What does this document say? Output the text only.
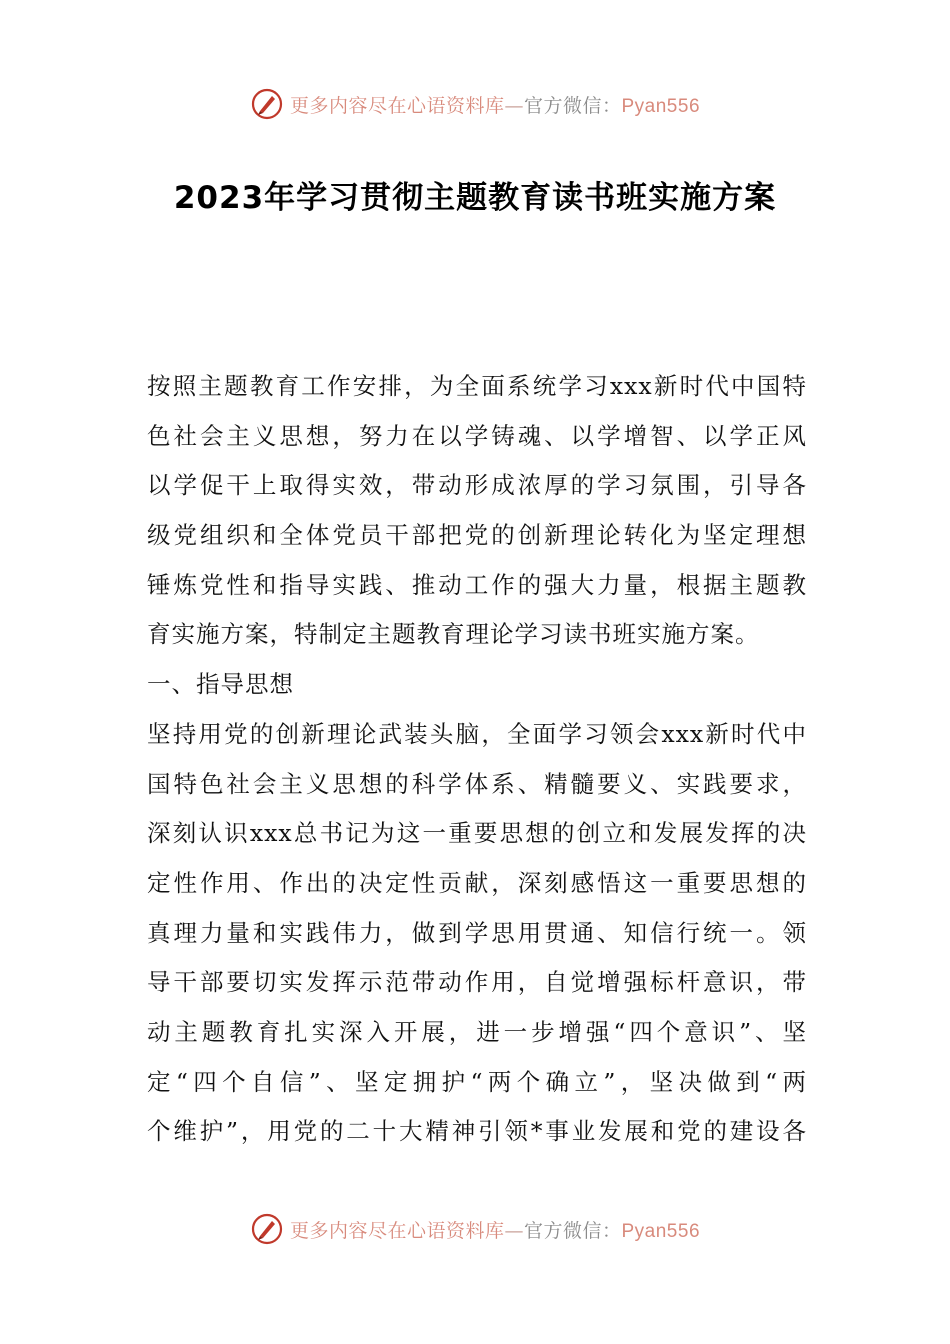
更多内容尽在心语资料库—官方微信：Pyan556
2023年学习贯彻主题教育读书班实施方案
按照主题教育工作安排，为全面系统学习xxx新时代中国特
色社会主义思想，努力在以学铸魂、以学增智、以学正风
以学促干上取得实效，带动形成浓厚的学习氛围，引导各
级党组织和全体党员干部把党的创新理论转化为坚定理想
锤炼党性和指导实践、推动工作的强大力量，根据主题教
育实施方案，特制定主题教育理论学习读书班实施方案。
一、指导思想
坚持用党的创新理论武装头脑，全面学习领会xxx新时代中
国特色社会主义思想的科学体系、精髓要义、实践要求，
深刻认识xxx总书记为这一重要思想的创立和发展发挥的决
定性作用、作出的决定性贡献，深刻感悟这一重要思想的
真理力量和实践伟力，做到学思用贯通、知信行统一。领
导干部要切实发挥示范带动作用，自觉增强标杆意识，带
动主题教育扎实深入开展，进一步增强“四个意识”、坚
定“四个自信”、坚定拥护“两个确立”，坚决做到“两
个维护”，用党的二十大精神引领*事业发展和党的建设各
更多内容尽在心语资料库—官方微信：Pyan556
